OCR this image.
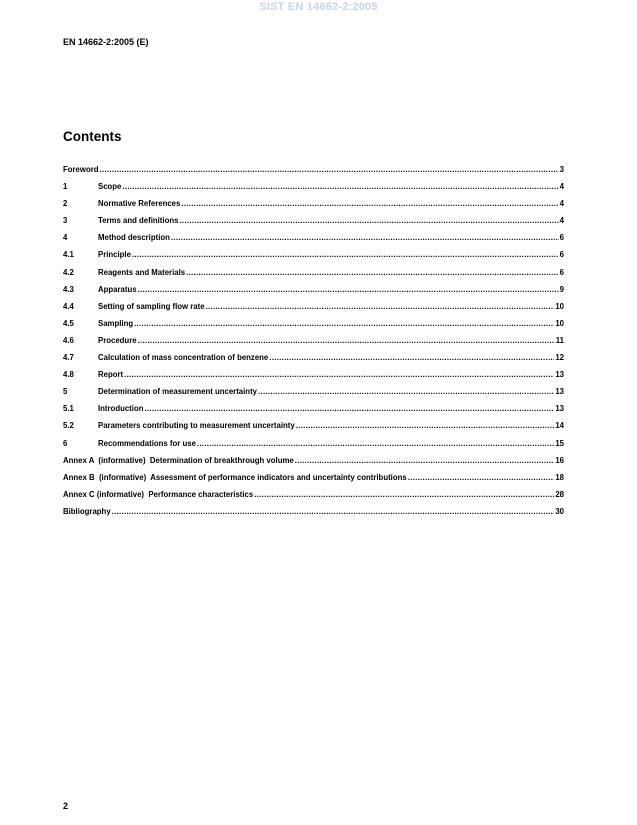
SIST EN 14662-2:2005
EN 14662-2:2005 (E)
Contents
Foreword .....	3
1	Scope .....	4
2	Normative References .....	4
3	Terms and definitions .....	4
4	Method description .....	6
4.1	Principle .....	6
4.2	Reagents and Materials .....	6
4.3	Apparatus .....	9
4.4	Setting of sampling flow rate .....	10
4.5	Sampling .....	10
4.6	Procedure .....	11
4.7	Calculation of mass concentration of benzene .....	12
4.8	Report .....	13
5	Determination of measurement uncertainty .....	13
5.1	Introduction .....	13
5.2	Parameters contributing to measurement uncertainty .....	14
6	Recommendations for use .....	15
Annex A  (informative)  Determination of breakthrough volume .....	16
Annex B  (informative)  Assessment of performance indicators and uncertainty contributions .....	18
Annex C (informative)  Performance characteristics .....	28
Bibliography .....	30
2
